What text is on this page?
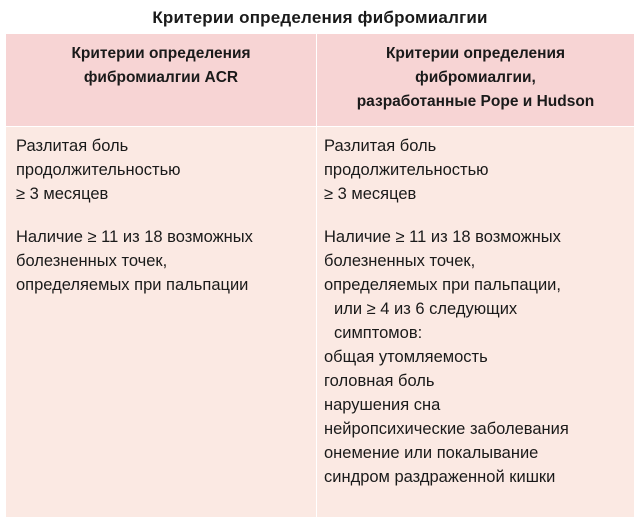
Критерии определения фибромиалгии
Критерии определения
фибромиалгии ACR
Критерии определения
фибромиалгии,
разработанные Pope и Hudson
Разлитая боль
продолжительностью
≥ 3 месяцев
Разлитая боль
продолжительностью
≥ 3 месяцев
Наличие ≥ 11 из 18 возможных
болезненных точек,
определяемых при пальпации
Наличие ≥ 11 из 18 возможных
болезненных точек,
определяемых при пальпации,
или ≥ 4 из 6 следующих
симптомов:
общая утомляемость
головная боль
нарушения сна
нейропсихические заболевания
онемение или покалывание
синдром раздраженной кишки
